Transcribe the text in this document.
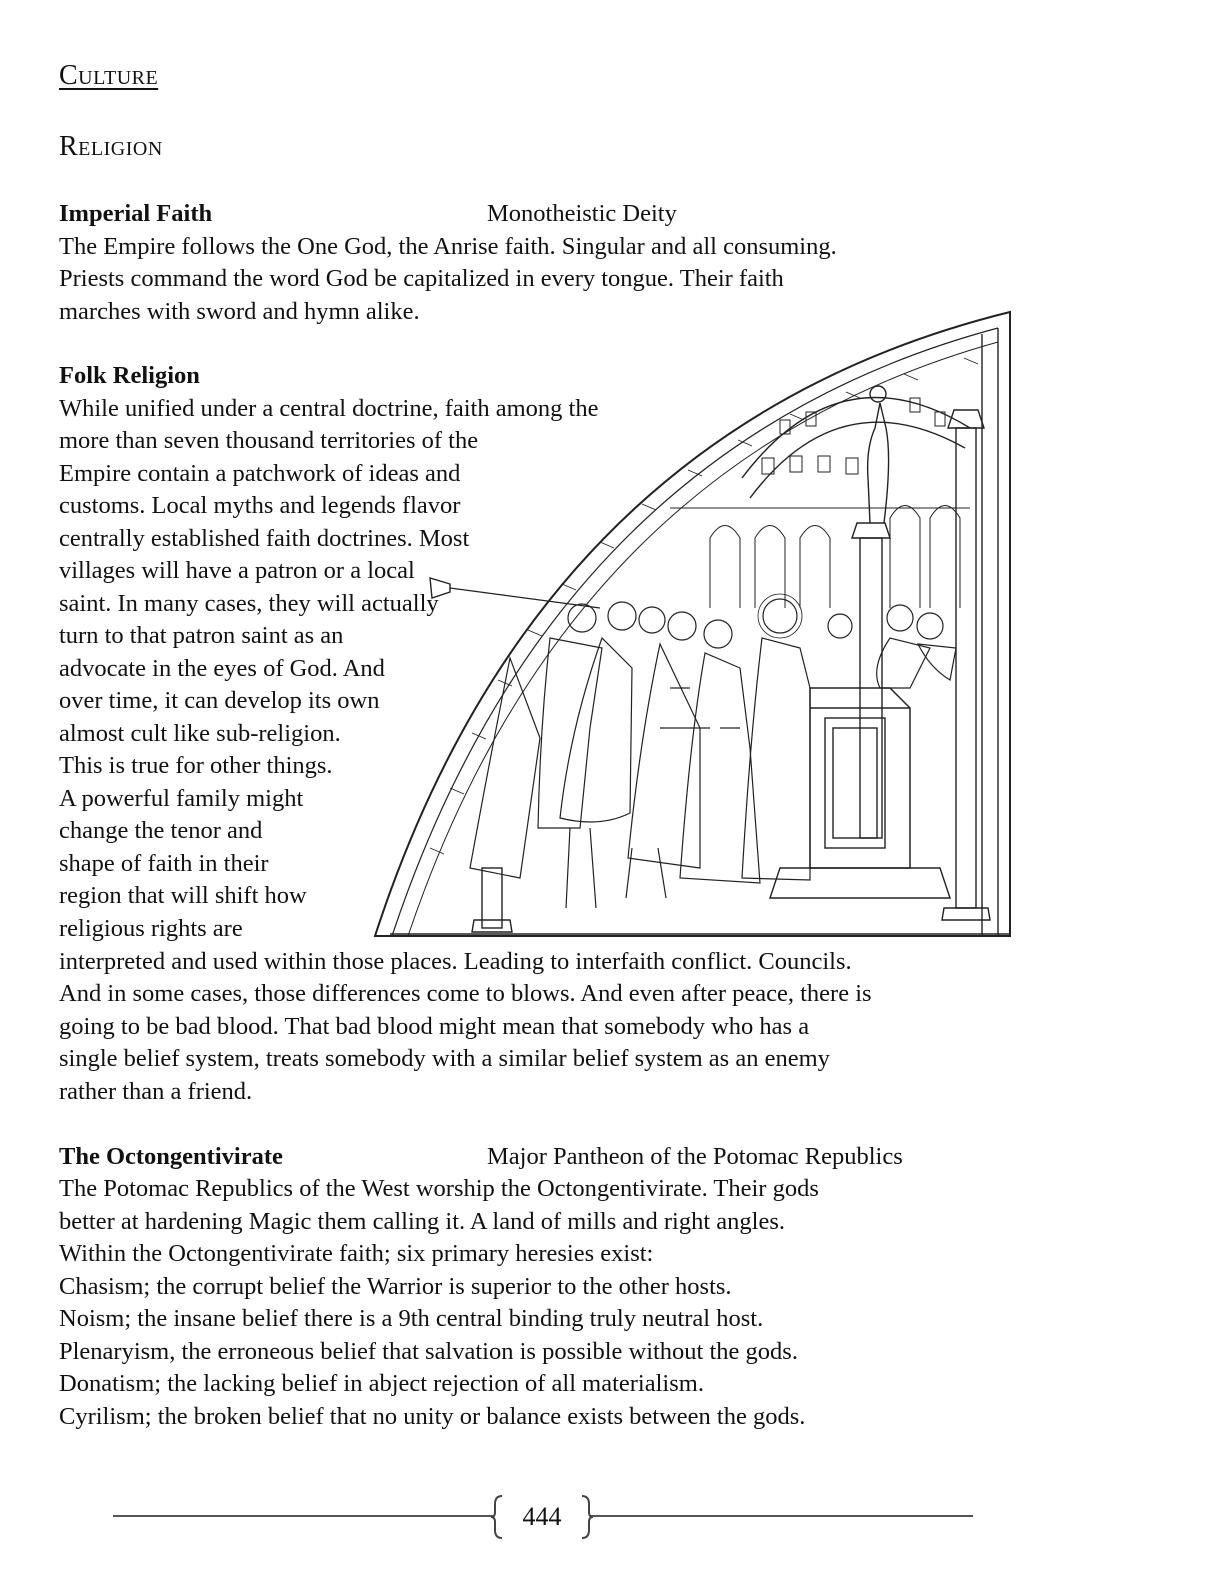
Culture
Religion
Imperial Faith	Monotheistic Deity
The Empire follows the One God, the Anrise faith. Singular and all consuming.
Priests command the word God be capitalized in every tongue. Their faith
marches with sword and hymn alike.
Folk Religion
While unified under a central doctrine, faith among the
more than seven thousand territories of the
Empire contain a patchwork of ideas and
customs. Local myths and legends flavor
centrally established faith doctrines. Most
villages will have a patron or a local
saint. In many cases, they will actually
turn to that patron saint as an
advocate in the eyes of God. And
over time, it can develop its own
almost cult like sub-religion.
This is true for other things.
A powerful family might
change the tenor and
shape of faith in their
region that will shift how
religious rights are
interpreted and used within those places. Leading to interfaith conflict. Councils.
And in some cases, those differences come to blows. And even after peace, there is
going to be bad blood. That bad blood might mean that somebody who has a
single belief system, treats somebody with a similar belief system as an enemy
rather than a friend.
The Octongentivirate	Major Pantheon of the Potomac Republics
The Potomac Republics of the West worship the Octongentivirate. Their gods
better at hardening Magic them calling it. A land of mills and right angles.
Within the Octongentivirate faith; six primary heresies exist:
Chasism; the corrupt belief the Warrior is superior to the other hosts.
Noism; the insane belief there is a 9th central binding truly neutral host.
Plenaryism, the erroneous belief that salvation is possible without the gods.
Donatism; the lacking belief in abject rejection of all materialism.
Cyrilism; the broken belief that no unity or balance exists between the gods.
444
